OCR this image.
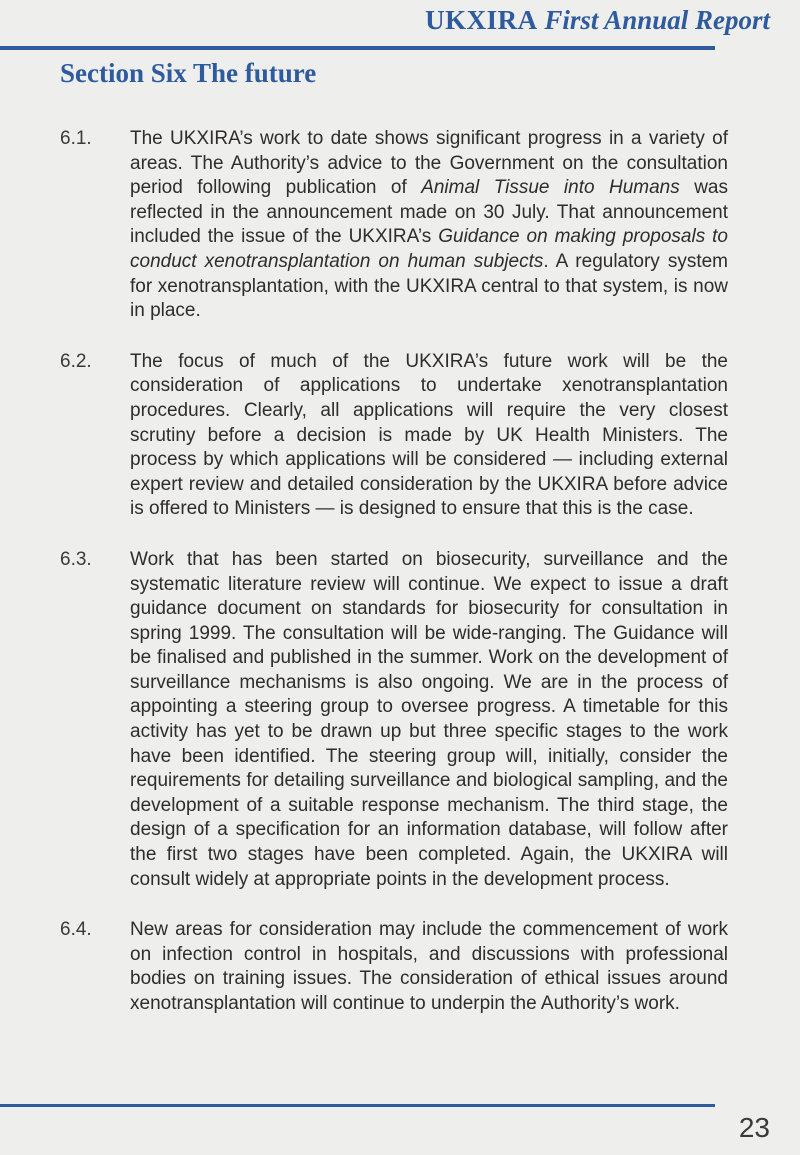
UKXIRA First Annual Report
Section Six The future
6.1.	The UKXIRA’s work to date shows significant progress in a variety of areas. The Authority’s advice to the Government on the consultation period following publication of Animal Tissue into Humans was reflected in the announcement made on 30 July. That announcement included the issue of the UKXIRA’s Guidance on making proposals to conduct xenotransplantation on human subjects. A regulatory system for xenotransplantation, with the UKXIRA central to that system, is now in place.

6.2.	The focus of much of the UKXIRA’s future work will be the consideration of applications to undertake xenotransplantation procedures. Clearly, all applications will require the very closest scrutiny before a decision is made by UK Health Ministers. The process by which applications will be considered — including external expert review and detailed consideration by the UKXIRA before advice is offered to Ministers — is designed to ensure that this is the case.

6.3.	Work that has been started on biosecurity, surveillance and the systematic literature review will continue. We expect to issue a draft guidance document on standards for biosecurity for consultation in spring 1999. The consultation will be wide-ranging. The Guidance will be finalised and published in the summer. Work on the development of surveillance mechanisms is also ongoing. We are in the process of appointing a steering group to oversee progress. A timetable for this activity has yet to be drawn up but three specific stages to the work have been identified. The steering group will, initially, consider the requirements for detailing surveillance and biological sampling, and the development of a suitable response mechanism. The third stage, the design of a specification for an information database, will follow after the first two stages have been completed. Again, the UKXIRA will consult widely at appropriate points in the development process.

6.4.	New areas for consideration may include the commencement of work on infection control in hospitals, and discussions with professional bodies on training issues. The consideration of ethical issues around xenotransplantation will continue to underpin the Authority’s work.

23
